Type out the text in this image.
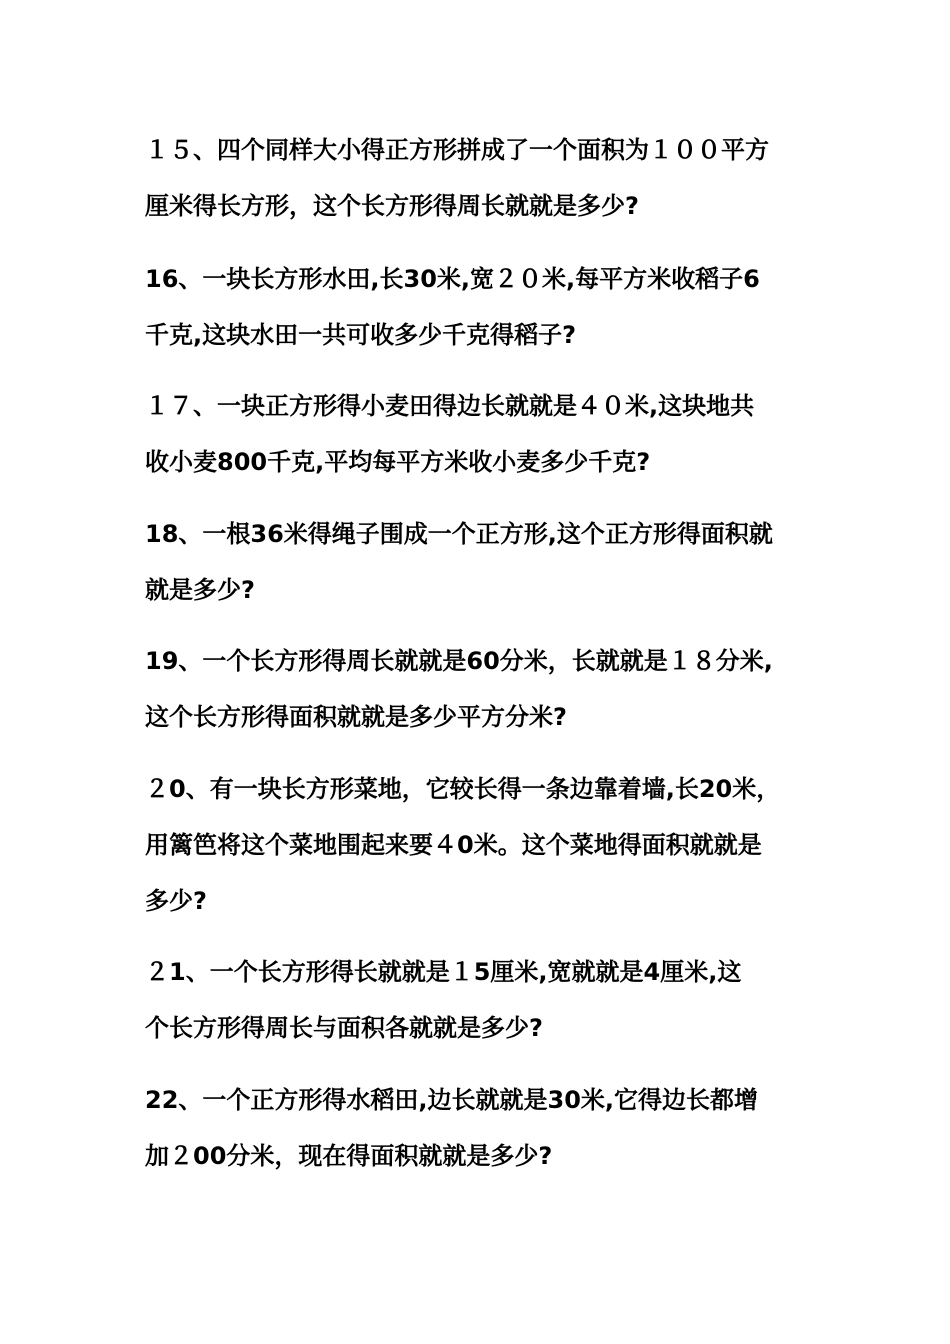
１５、四个同样大小得正方形拼成了一个面积为１００平方
厘米得长方形，这个长方形得周长就就是多少?
16、一块长方形水田,长30米,宽２０米,每平方米收稻子6
千克,这块水田一共可收多少千克得稻子?
１７、一块正方形得小麦田得边长就就是４０米,这块地共
收小麦800千克,平均每平方米收小麦多少千克?
18、一根36米得绳子围成一个正方形,这个正方形得面积就
就是多少?
19、一个长方形得周长就就是60分米，长就就是１８分米,
这个长方形得面积就就是多少平方分米?
２0、有一块长方形菜地，它较长得一条边靠着墙,长20米，
用篱笆将这个菜地围起来要４0米。这个菜地得面积就就是
多少?
２1、一个长方形得长就就是１5厘米,宽就就是4厘米,这
个长方形得周长与面积各就就是多少?
22、一个正方形得水稻田,边长就就是30米,它得边长都增
加２00分米，现在得面积就就是多少?
